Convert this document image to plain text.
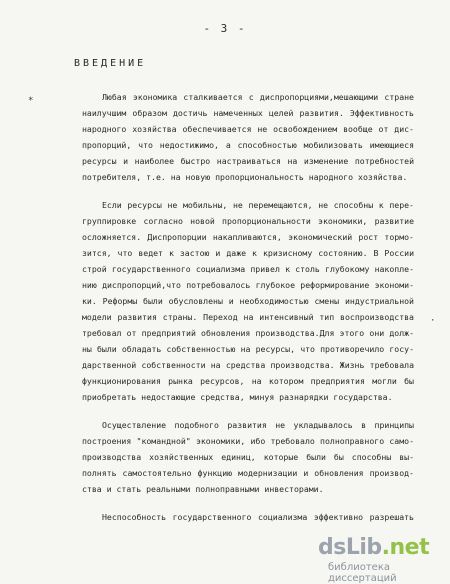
- 3 -
ВВЕДЕНИЕ
*
·
Любая экономика сталкивается с диспропорциями,мешающими стране
наилучшим образом достичь намеченных целей развития. Эффективность
народного хозяйства обеспечивается не освобождением вообще от дис-
пропорций, что недостижимо, а способностью мобилизовать имеющиеся
ресурсы и наиболее быстро настраиваться на изменение потребностей
потребителя, т.е. на новую пропорциональность народного хозяйства.
Если ресурсы не мобильны, не перемещаются, не способны к пере-
группировке согласно новой пропорциональности экономики, развитие
осложняется. Диспропорции накапливаются, экономический рост тормо-
зится, что ведет к застою и даже к кризисному состоянию. В России
строй государственного социализма привел к столь глубокому накопле-
нию диспропорций,что потребовалось глубокое реформирование экономи-
ки. Реформы были обусловлены и необходимостью смены индустриальной
модели развития страны. Переход на интенсивный тип воспроизводства
требовал от предприятий обновления производства.Для этого они долж-
ны были обладать собственностью на ресурсы, что противоречило госу-
дарственной собственности на средства производства. Жизнь требовала
функционирования рынка ресурсов, на котором предприятия могли бы
приобретать недостающие средства, минуя разнарядки государства.
Осуществление подобного развития не укладывалось в принципы
построения "командной" экономики, ибо требовало полноправного само-
производства хозяйственных единиц, которые были бы способны вы-
полнять самостоятельно функцию модернизации и обновления производ-
ства и стать реальными полноправными инвесторами.
Неспособность государственного социализма эффективно разрешать
dsLib.net
библиотека диссертаций
